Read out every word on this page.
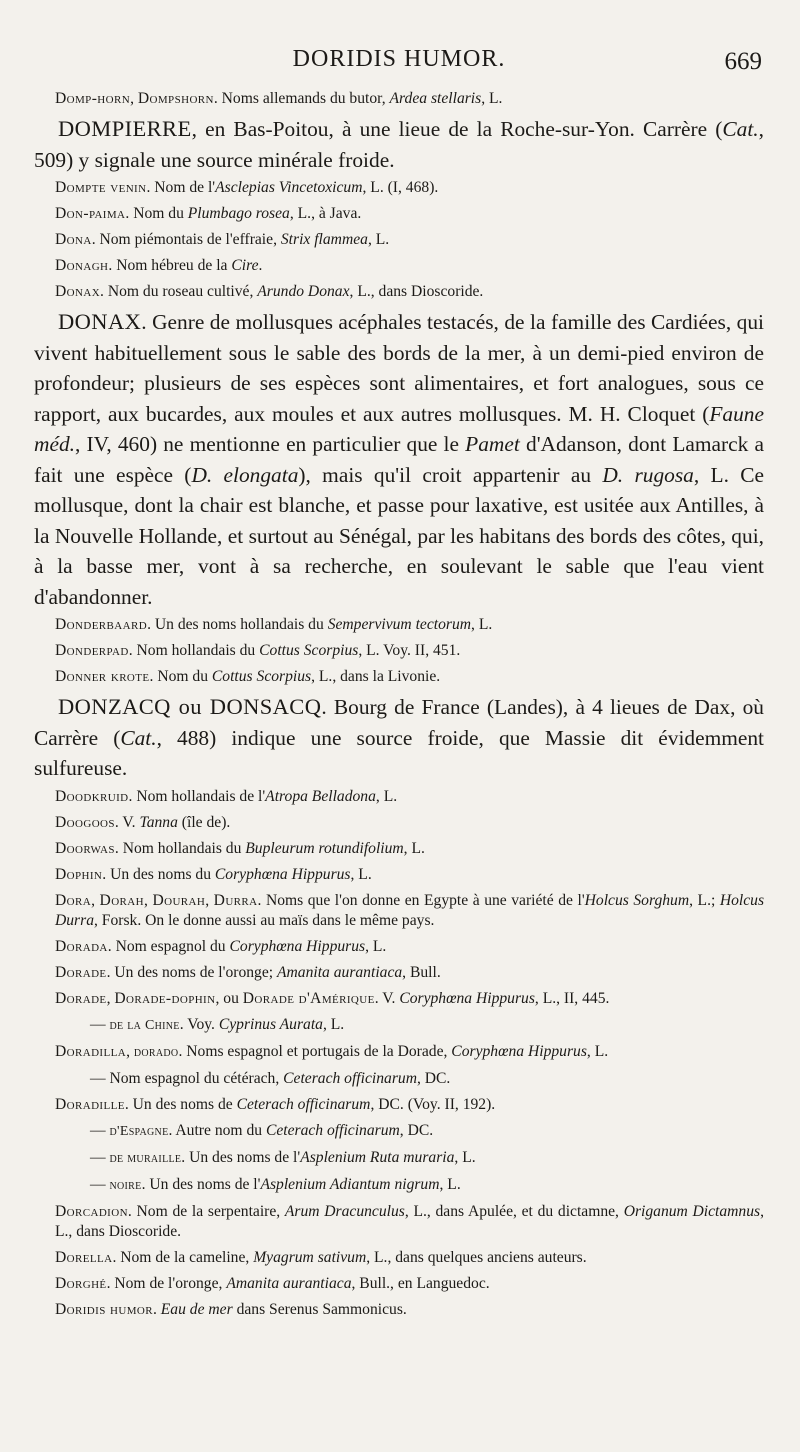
DORIDIS HUMOR.	669

Domp-horn, Dompshorn. Noms allemands du butor, Ardea stellaris, L.

DOMPIERRE, en Bas-Poitou, à une lieue de la Roche-sur-Yon. Carrère (Cat., 509) y signale une source minérale froide.

Dompte venin. Nom de l'Asclepias Vincetoxicum, L. (I, 468).

Don-paima. Nom du Plumbago rosea, L., à Java.

Dona. Nom piémontais de l'effraie, Strix flammea, L.

Donagh. Nom hébreu de la Cire.

Donax. Nom du roseau cultivé, Arundo Donax, L., dans Dioscoride.

DONAX. Genre de mollusques acéphales testacés, de la famille des Cardiées, qui vivent habituellement sous le sable des bords de la mer, à un demi-pied environ de profondeur; plusieurs de ses espèces sont alimentaires, et fort analogues, sous ce rapport, aux bucardes, aux moules et aux autres mollusques. M. H. Cloquet (Faune méd., IV, 460) ne mentionne en particulier que le Pamet d'Adanson, dont Lamarck a fait une espèce (D. elongata), mais qu'il croit appartenir au D. rugosa, L. Ce mollusque, dont la chair est blanche, et passe pour laxative, est usitée aux Antilles, à la Nouvelle Hollande, et surtout au Sénégal, par les habitans des bords des côtes, qui, à la basse mer, vont à sa recherche, en soulevant le sable que l'eau vient d'abandonner.

Donderbaard. Un des noms hollandais du Sempervivum tectorum, L.

Donderpad. Nom hollandais du Cottus Scorpius, L. Voy. II, 451.

Donner krote. Nom du Cottus Scorpius, L., dans la Livonie.

DONZACQ ou DONSACQ. Bourg de France (Landes), à 4 lieues de Dax, où Carrère (Cat., 488) indique une source froide, que Massie dit évidemment sulfureuse.

Doodkruid. Nom hollandais de l'Atropa Belladona, L.

Doogoos. V. Tanna (île de).

Doorwas. Nom hollandais du Bupleurum rotundifolium, L.

Dophin. Un des noms du Coryphœna Hippurus, L.

Dora, Dorah, Dourah, Durra. Noms que l'on donne en Egypte à une variété de l'Holcus Sorghum, L.; Holcus Durra, Forsk. On le donne aussi au maïs dans le même pays.

Dorada. Nom espagnol du Coryphœna Hippurus, L.

Dorade. Un des noms de l'oronge; Amanita aurantiaca, Bull.

Dorade, Dorade-dophin, ou Dorade d'Amérique. V. Coryphœna Hippurus, L., II, 445.

— de la Chine. Voy. Cyprinus Aurata, L.

Doradilla, dorado. Noms espagnol et portugais de la Dorade, Coryphœna Hippurus, L.

— Nom espagnol du cétérach, Ceterach officinarum, DC.

Doradille. Un des noms de Ceterach officinarum, DC. (Voy. II, 192).

— d'Espagne. Autre nom du Ceterach officinarum, DC.

— de muraille. Un des noms de l'Asplenium Ruta muraria, L.

— noire. Un des noms de l'Asplenium Adiantum nigrum, L.

Dorcadion. Nom de la serpentaire, Arum Dracunculus, L., dans Apulée, et du dictamne, Origanum Dictamnus, L., dans Dioscoride.

Dorella. Nom de la cameline, Myagrum sativum, L., dans quelques anciens auteurs.

Dorghé. Nom de l'oronge, Amanita aurantiaca, Bull., en Languedoc.

Doridis humor. Eau de mer dans Serenus Sammonicus.
